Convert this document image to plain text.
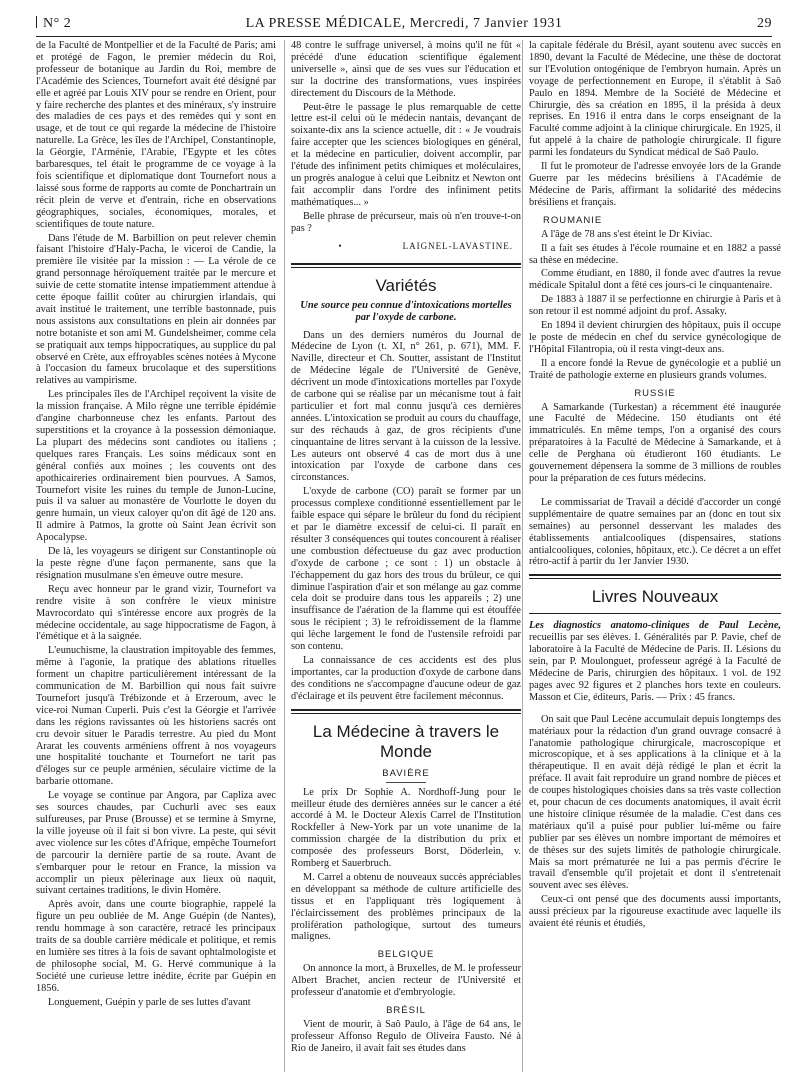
N° 2	LA PRESSE MÉDICALE, Mercredi, 7 Janvier 1931	29

de la Faculté de Montpellier et de la Faculté de Paris; ami et protégé de Fagon, le premier médecin du Roi, professeur de botanique au Jardin du Roi, membre de l'Académie des Sciences, Tournefort avait été désigné par elle et agréé par Louis XIV pour se rendre en Orient, pour y faire recherche des plantes et des minéraux, s'y instruire des maladies de ces pays et des remèdes qui y sont en usage, et de tout ce qui regarde la médecine de l'histoire naturelle. La Grèce, les îles de l'Archipel, Constantinople, la Géorgie, l'Arménie, l'Arabie, l'Egypte et les côtes barbaresques, tel était le programme de ce voyage à la fois scientifique et diplomatique dont Tournefort nous a laissé sous forme de rapports au comte de Ponchartrain un récit plein de verve et d'entrain, riche en observations géographiques, sociales, économiques, morales, et scientifiques de toute nature.

Dans l'étude de M. Barbillion on peut relever chemin faisant l'histoire d'Haly-Pacha, le viceroi de Candie, la première île visitée par la mission : — La vérole de ce grand personnage héroïquement traitée par le mercure et suivie de cette stomatite intense impatiemment attendue à cette époque faillit coûter au chirurgien irlandais, qui avait institué le traitement, une terrible bastonnade, puis nous assistons aux consultations en plein air données par notre botaniste et son ami M. Gundelsheimer, comme cela se pratiquait aux temps hippocratiques, au supplice du pal observé en Crète, aux effroyables scènes notées à Myconе à l'occasion du fameux brucolaque et des superstitions relatives au vampirisme.

Les principales îles de l'Archipel reçoivent la visite de la mission française. A Milo règne une terrible épidémie d'angine charbonneuse chez les enfants. Partout des superstitions et la croyance à la possession démoniaque. La plupart des médecins sont candiotes ou italiens ; quelques rares Français. Les soins médicaux sont en général confiés aux moines ; les couvents ont des apothicaireries ordinairement bien pourvues. A Samos, Tournefort visite les ruines du temple de Junon-Lucine, puis il va saluer au monastère de Vourlotte le doyen du genre humain, un vieux caloyer qu'on dit âgé de 120 ans. Il admire à Patmos, la grotte où Saint Jean écrivit son Apocalypse.

De là, les voyageurs se dirigent sur Constantinople où la peste règne d'une façon permanente, sans que la résignation musulmane s'en émeuve outre mesure.

Reçu avec honneur par le grand vizir, Tournefort va rendre visite à son confrère le vieux ministre Mavrocordato qui s'intéresse encore aux progrès de la médecine occidentale, au sage hippocratisme de Fagon, à l'émétique et à la saignée.

L'eunuchisme, la claustration impitoyable des femmes, même à l'agonie, la pratique des ablations rituelles forment un chapitre particulièrement intéressant de la communication de M. Barbillion qui nous fait suivre Tournefort jusqu'à Trébizonde et à Erzeroum, avec le vice-roi Numan Cuperli. Puis c'est la Géorgie et l'arrivée dans les régions ravissantes où les historiens sacrés ont cru devoir situer le Paradis terrestre. Au pied du Mont Ararat les couvents arméniens offrent à nos voyageurs une hospitalité touchante et Tournefort ne tarit pas d'éloges sur ce peuple arménien, séculaire victime de la barbarie ottomane.

Le voyage se continue par Angora, par Capliza avec ses sources chaudes, par Cuchurli avec ses eaux sulfureuses, par Pruse (Brousse) et se termine à Smyrne, la ville joyeuse où il fait si bon vivre. La peste, qui sévit avec violence sur les côtes d'Afrique, empêche Tournefort de parcourir la dernière partie de sa route. Avant de s'embarquer pour le retour en France, la mission va accomplir un pieux pèlerinage aux lieux où naquit, suivant certaines traditions, le divin Homère.

Après avoir, dans une courte biographie, rappelé la figure un peu oubliée de M. Ange Guépin (de Nantes), rendu hommage à son caractère, retracé les principaux traits de sa double carrière médicale et politique, et remis en lumière ses titres à la fois de savant ophtalmologiste et de philosophe social, M. G. Hervé communique à la Société une curieuse lettre inédite, écrite par Guépin en 1856.

Longuement, Guépin y parle de ses luttes d'avant

48 contre le suffrage universel, à moins qu'il ne fût « précédé d'une éducation scientifique également universelle », ainsi que de ses vues sur l'éducation et sur la doctrine des transformations, vues inspirées directement du Discours de la Méthode.

Peut-être le passage le plus remarquable de cette lettre est-il celui où le médecin nantais, devançant de soixante-dix ans la science actuelle, dit : « Je voudrais faire accepter que les sciences biologiques en général, et la médecine en particulier, doivent accomplir, par l'étude des infiniment petits chimiques et moléculaires, un progrès analogue à celui que Leibnitz et Newton ont fait accomplir dans l'ordre des infiniment petits mathématiques... »

Belle phrase de précurseur, mais où n'en trouve-t-on pas ?

•	LAIGNEL-LAVASTINE.
Variétés
Une source peu connue d'intoxications mortelles par l'oxyde de carbone.

Dans un des derniers numéros du Journal de Médecine de Lyon (t. XI, n° 261, p. 671), MM. F. Naville, directeur et Ch. Soutter, assistant de l'Institut de Médecine légale de l'Université de Genève, décrivent un mode d'intoxications mortelles par l'oxyde de carbone qui se réalise par un mécanisme tout à fait particulier et fort mal connu jusqu'à ces dernières années. L'intoxication se produit au cours du chauffage, sur des réchauds à gaz, de gros récipients d'une cinquantaine de litres servant à la cuisson de la lessive. Les auteurs ont observé 4 cas de mort dus à une intoxication par l'oxyde de carbone dans ces circonstances.

L'oxyde de carbone (CO) paraît se former par un processus complexe conditionné essentiellement par le faible espace qui sépare le brûleur du fond du récipient et par le diamètre excessif de celui-ci. Il paraît en résulter 3 conséquences qui toutes concourent à réaliser une combustion défectueuse du gaz avec production d'oxyde de carbone ; ce sont : 1) un obstacle à l'échappement du gaz hors des trous du brûleur, ce qui diminue l'aspiration d'air et son mélange au gaz comme cela doit se produire dans tous les appareils ; 2) une insuffisance de l'aération de la flamme qui est étouffée sous le récipient ; 3) le refroidissement de la flamme qui lèche largement le fond de l'ustensile refroidi par son contenu.

La connaissance de ces accidents est des plus importantes, car la production d'oxyde de carbone dans des conditions ne s'accompagne d'aucune odeur de gaz d'éclairage et ils peuvent être facilement méconnus.

La Médecine à travers le Monde
BAVIÈRE

Le prix Dr Sophie A. Nordhoff-Jung pour le meilleur étude des dernières années sur le cancer a été accordé à M. le Docteur Alexis Carrel de l'Institution Rockfeller à New-York par un vote unanime de la commission chargée de la distribution du prix et composée des professeurs Borst, Döderlein, v. Romberg et Sauerbruch.

M. Carrel a obtenu de nouveaux succès appréciables en développant sa méthode de culture artificielle des tissus et en l'appliquant très logiquement à l'éclaircissement des problèmes principaux de la prolifération pathologique, surtout des tumeurs malignes.

BELGIQUE

On annonce la mort, à Bruxelles, de M. le professeur Albert Brachet, ancien recteur de l'Université et professeur d'anatomie et d'embryologie.

BRÉSIL

Vient de mourir, à Saô Paulo, à l'âge de 64 ans, le professeur Affonso Regulo de Oliveira Fausto. Né à Rio de Janeiro, il avait fait ses études dans

la capitale fédérale du Brésil, ayant soutenu avec succès en 1890, devant la Faculté de Médecine, une thèse de doctorat sur l'Evolution ontogénique de l'embryon humain. Après un voyage de perfectionnement en Europe, il s'établit à Saô Paulo en 1894. Membre de la Société de Médecine et Chirurgie, dès sa création en 1895, il la présida à deux reprises. En 1916 il entra dans le corps enseignant de la Faculté comme adjoint à la clinique chirurgicale. En 1925, il fut appelé à la chaire de pathologie chirurgicale. Il figure parmi les fondateurs du Syndicat médical de Saô Paulo.

Il fut le promoteur de l'adresse envoyée lors de la Grande Guerre par les médecins brésiliens à l'Académie de Médecine de Paris, affirmant la solidarité des médecins brésiliens et français.

ROUMANIE

A l'âge de 78 ans s'est éteint le Dr Kiviac.

Il a fait ses études à l'école roumaine et en 1882 a passé sa thèse en médecine.

Comme étudiant, en 1880, il fonde avec d'autres la revue médicale Spitalul dont a fêté ces jours-ci le cinquantenaire.

De 1883 à 1887 il se perfectionne en chirurgie à Paris et à son retour il est nommé adjoint du prof. Assaky.

En 1894 il devient chirurgien des hôpitaux, puis il occupe le poste de médecin en chef du service gynécologique de l'Hôpital Filantropia, où il resta vingt-deux ans.

Il a encore fondé la Revue de gynécologie et a publié un Traité de pathologie externe en plusieurs grands volumes.

RUSSIE

A Samarkande (Turkestan) a récemment été inaugurée une Faculté de Médecine. 150 étudiants ont été immatriculés. En même temps, l'on a organisé des cours préparatoires à la Faculté de Médecine à Samarkande, et à celle de Perghana où étudieront 160 étudiants. Le gouvernement dépensera la somme de 3 millions de roubles pour la préparation de ces futurs médecins.

Le commissariat de Travail a décidé d'accorder un congé supplémentaire de quatre semaines par an (donc en tout six semaines) au personnel desservant les malades des établissements antialcooliques (dispensaires, stations antialcooliques, colonies, hôpitaux, etc.). Ce décret a un effet rétro-actif à partir du 1er Janvier 1930.

Livres Nouveaux

Les diagnostics anatomo-cliniques de Paul Lecène, recueillis par ses élèves. I. Généralités par P. Pavie, chef de laboratoire à la Faculté de Médecine de Paris. II. Lésions du sein, par P. Moulonguet, professeur agrégé à la Faculté de Médecine de Paris, chirurgien des hôpitaux. 1 vol. de 192 pages avec 92 figures et 2 planches hors texte en couleurs. Masson et Cie, éditeurs, Paris. — Prix : 45 francs.

On sait que Paul Lecène accumulait depuis longtemps des matériaux pour la rédaction d'un grand ouvrage consacré à l'anatomie pathologique chirurgicale, macroscopique et microscopique, et à ses applications à la clinique et à la thérapeutique. Il en avait déjà rédigé le plan et écrit la préface. Il avait fait reproduire un grand nombre de pièces et de coupes histologiques choisies dans sa très vaste collection et, pour chacun de ces documents anatomiques, il avait écrit une histoire clinique résumée de la maladie. C'est dans ces matériaux qu'il a puisé pour publier lui-même ou faire publier par ses élèves un nombre important de mémoires et de thèses sur des sujets limités de pathologie chirurgicale. Mais sa mort prématurée ne lui a pas permis d'écrire le travail d'ensemble qu'il projetait et dont il s'entretenait souvent avec ses élèves.

Ceux-ci ont pensé que des documents aussi importants, aussi précieux par la rigoureuse exactitude avec laquelle ils avaient été réunis et étudiés,
